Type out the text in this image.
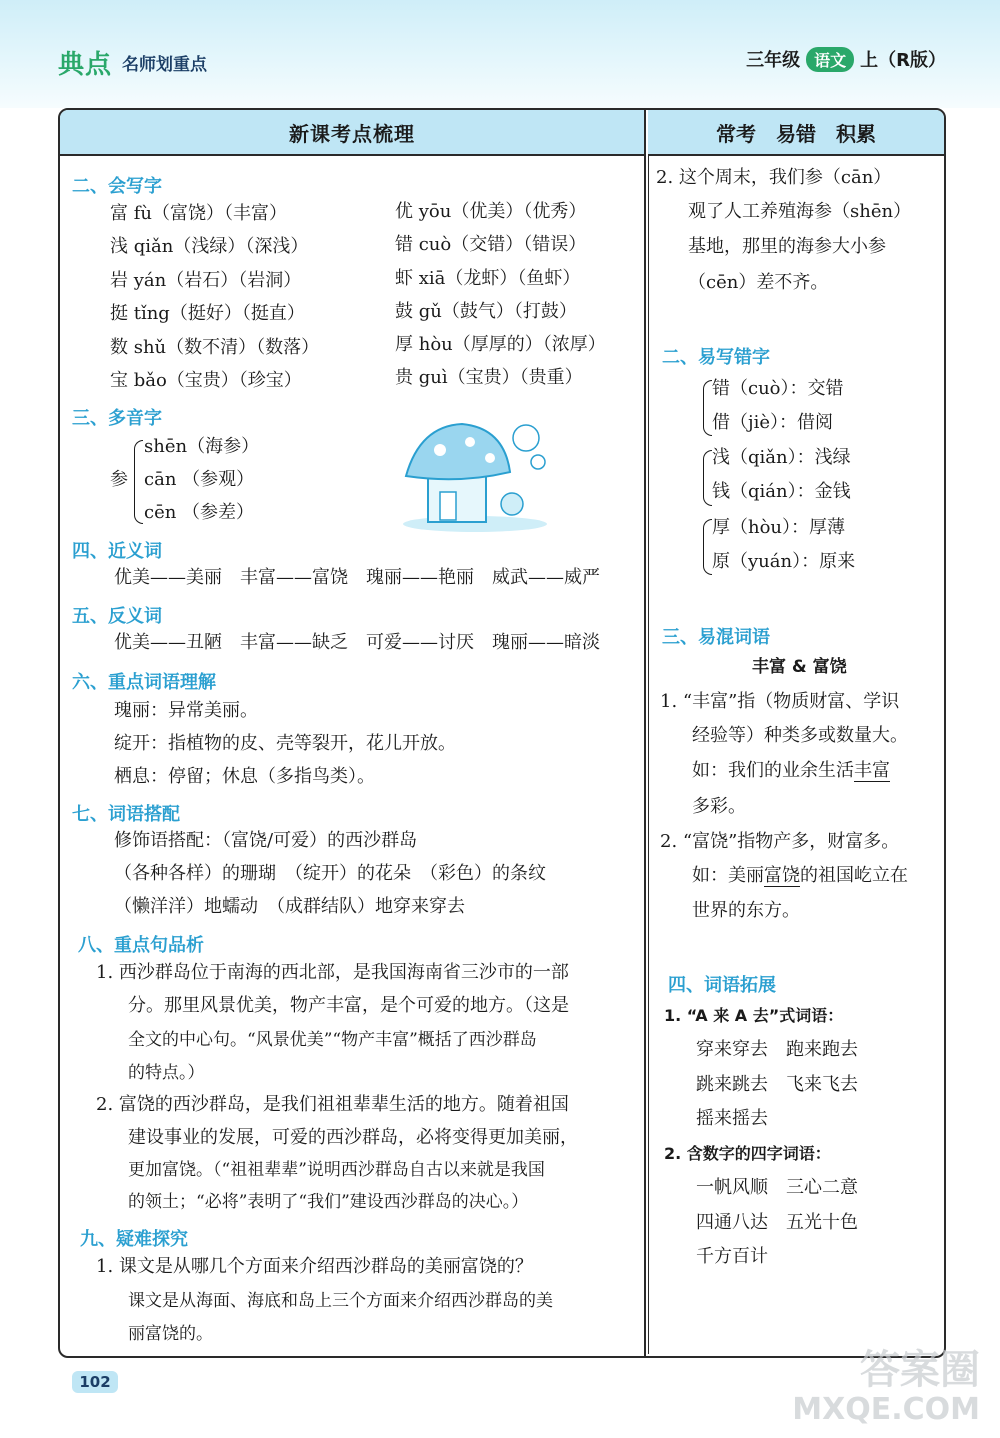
典点 名师划重点	三年级 语文 上（R版）
新课考点梳理	常考　易错　积累
二、会写字
富 fù（富饶）（丰富）	优 yōu（优美）（优秀）
浅 qiǎn（浅绿）（深浅）	错 cuò（交错）（错误）
岩 yán（岩石）（岩洞）	虾 xiā（龙虾）（鱼虾）
挺 tǐng（挺好）（挺直）	鼓 gǔ（鼓气）（打鼓）
数 shǔ（数不清）（数落）	厚 hòu（厚厚的）（浓厚）
宝 bǎo（宝贵）（珍宝）	贵 guì（宝贵）（贵重）
三、多音字
参
shēn（海参）
cān （参观）
cēn （参差）
四、近义词
优美——美丽　丰富——富饶　瑰丽——艳丽　威武——威严
五、反义词
优美——丑陋　丰富——缺乏　可爱——讨厌　瑰丽——暗淡
六、重点词语理解
瑰丽：异常美丽。
绽开：指植物的皮、壳等裂开，花儿开放。
栖息：停留；休息（多指鸟类）。
七、词语搭配
修饰语搭配：（富饶/可爱）的西沙群岛
（各种各样）的珊瑚　（绽开）的花朵　（彩色）的条纹
（懒洋洋）地蠕动　（成群结队）地穿来穿去
八、重点句品析
1. 西沙群岛位于南海的西北部，是我国海南省三沙市的一部
分。那里风景优美，物产丰富，是个可爱的地方。（这是
全文的中心句。“风景优美”“物产丰富”概括了西沙群岛
的特点。）
2. 富饶的西沙群岛，是我们祖祖辈辈生活的地方。随着祖国
建设事业的发展，可爱的西沙群岛，必将变得更加美丽，
更加富饶。（“祖祖辈辈”说明西沙群岛自古以来就是我国
的领土；“必将”表明了“我们”建设西沙群岛的决心。）
九、疑难探究
1. 课文是从哪几个方面来介绍西沙群岛的美丽富饶的？
课文是从海面、海底和岛上三个方面来介绍西沙群岛的美
丽富饶的。
2. 这个周末，我们参（cān）
观了人工养殖海参（shēn）
基地，那里的海参大小参
（cēn）差不齐。
二、易写错字
错（cuò）：交错
借（jiè）：借阅
浅（qiǎn）：浅绿
钱（qián）：金钱
厚（hòu）：厚薄
原（yuán）：原来
三、易混词语
丰富 & 富饶
1. “丰富”指（物质财富、学识
经验等）种类多或数量大。
如：我们的业余生活丰富
多彩。
2. “富饶”指物产多，财富多。
如：美丽富饶的祖国屹立在
世界的东方。
四、词语拓展
1. “A 来 A 去”式词语：
穿来穿去　跑来跑去
跳来跳去　飞来飞去
摇来摇去
2. 含数字的四字词语：
一帆风顺　三心二意
四通八达　五光十色
千方百计
102	答案圈
MXQE.COM
